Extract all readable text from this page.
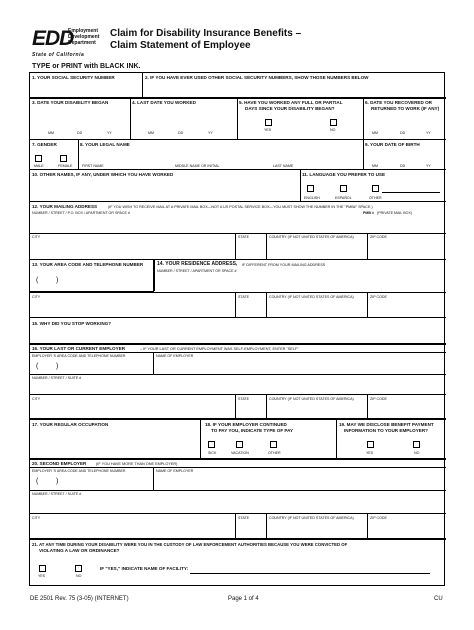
EDD
Employment
Development
Department
State of California
Claim for Disability Insurance Benefits –
Claim Statement of Employee
TYPE or PRINT with BLACK INK.
1. YOUR SOCIAL SECURITY NUMBER	2. IF YOU HAVE EVER USED OTHER SOCIAL SECURITY NUMBERS, SHOW THOSE NUMBERS BELOW
3. DATE YOUR DISABILITY BEGAN
MM	DD	YY
4. LAST DATE YOU WORKED
MM	DD	YY
5. HAVE YOU WORKED ANY FULL OR PARTIAL
DAYS SINCE YOUR DISABILITY BEGAN?
YES	NO
6. DATE YOU RECOVERED OR
RETURNED TO WORK (IF ANY)
MM	DD	YY
7. GENDER
MALE	FEMALE
8. YOUR LEGAL NAME
FIRST NAME	MIDDLE NAME OR INITIAL	LAST NAME
9. YOUR DATE OF BIRTH
MM	DD	YY
10. OTHER NAMES, IF ANY, UNDER WHICH YOU HAVE WORKED	11. LANGUAGE YOU PREFER TO USE
ENGLISH	ESPAÑOL	OTHER
12. YOUR MAILING ADDRESS	(IF YOU WISH TO RECEIVE MAIL AT A PRIVATE MAIL BOX—NOT A US POSTAL SERVICE BOX—YOU MUST SHOW THE NUMBER IN THE "PMB#" SPACE.)
NUMBER / STREET / P.O. BOX / APARTMENT OR SPACE #	PMB # (PRIVATE MAIL BOX)
CITY	STATE	COUNTRY (IF NOT UNITED STATES OF AMERICA)	ZIP CODE
13. YOUR AREA CODE AND TELEPHONE NUMBER
(	)
14. YOUR RESIDENCE ADDRESS, IF DIFFERENT FROM YOUR MAILING ADDRESS
NUMBER / STREET / APARTMENT OR SPACE #
CITY	STATE	COUNTRY (IF NOT UNITED STATES OF AMERICA)	ZIP CODE
15. WHY DID YOU STOP WORKING?
16. YOUR LAST OR CURRENT EMPLOYER	– IF YOUR LAST OR CURRENT EMPLOYMENT WAS SELF-EMPLOYMENT, ENTER "SELF"
EMPLOYER 'S AREA CODE AND TELEPHONE NUMBER
(	)
NAME OF EMPLOYER
NUMBER / STREET / SUITE #
CITY	STATE	COUNTRY (IF NOT UNITED STATES OF AMERICA)	ZIP CODE
17. YOUR REGULAR OCCUPATION	18. IF YOUR EMPLOYER CONTINUED
TO PAY YOU, INDICATE TYPE OF PAY
SICK	VACATION	OTHER
19. MAY WE DISCLOSE BENEFIT PAYMENT
INFORMATION TO YOUR EMPLOYER?
YES	NO
20. SECOND EMPLOYER	(IF YOU HAVE MORE THAN ONE EMPLOYER)
EMPLOYER 'S AREA CODE AND TELEPHONE NUMBER
(	)
NAME OF EMPLOYER
NUMBER / STREET / SUITE #
CITY	STATE	COUNTRY (IF NOT UNITED STATES OF AMERICA)	ZIP CODE
21. AT ANY TIME DURING YOUR DISABILITY WERE YOU IN THE CUSTODY OF LAW ENFORCEMENT AUTHORITIES BECAUSE YOU WERE CONVICTED OF
VIOLATING A LAW OR ORDINANCE?
YES	NO
IF "YES," INDICATE NAME OF FACILITY:
DE 2501 Rev. 75 (3-05) (INTERNET)	Page 1 of 4	CU
